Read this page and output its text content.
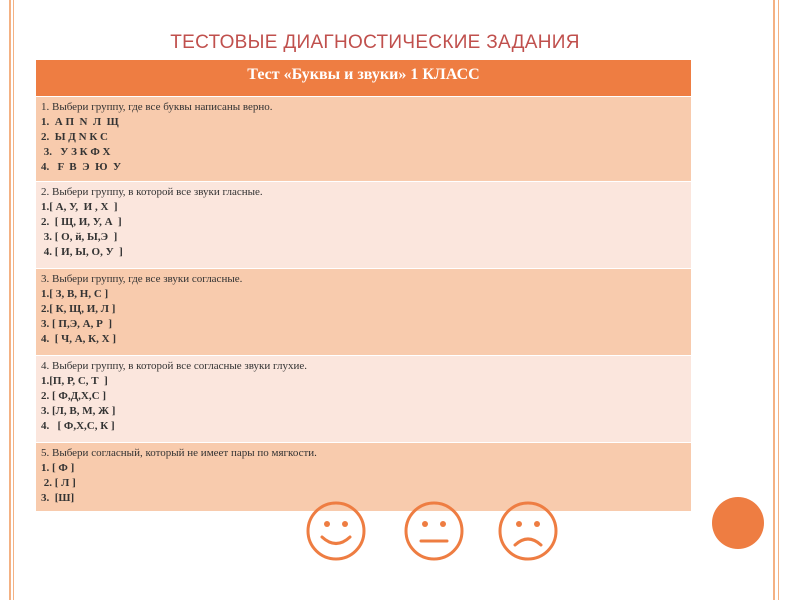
ТЕСТОВЫЕ ДИАГНОСТИЧЕСКИЕ ЗАДАНИЯ
Тест «Буквы и звуки» 1 КЛАСС

1. Выбери группу, где все буквы написаны верно.
1.  А П  N  Л  Щ
2.  Ы Д N К С
3.   У З К Ф Х
4.   F  В  Э  Ю  У

2. Выбери группу, в которой все звуки гласные.
1.[ А, У,  И , Х  ]
2.  [ Щ, И, У, А  ]
3. [ О, й, Ы,Э  ]
4. [ И, Ы, О, У  ]

3. Выбери группу, где все звуки согласные.
1.[ З, В, Н, С ]
2.[ К, Щ, И, Л ]
3. [ П,Э, А, Р  ]
4.  [ Ч, А, К, Х ]

4. Выбери группу, в которой все согласные звуки глухие.
1.[П, Р, С, Т  ]
2. [ Ф,Д,Х,С ]
3. [Л, В, М, Ж ]
4.   [ Ф,Х,С, К ]

5. Выбери согласный, который не имеет пары по мягкости.
1. [ Ф ]
2. [ Л ]
3.  [Ш]
